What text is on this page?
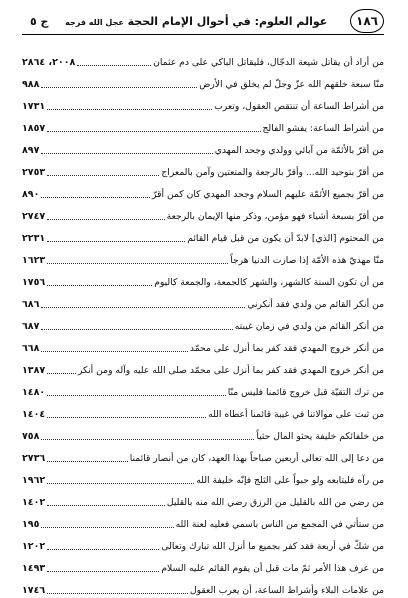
١٨٦
عوالم العلوم: في أحوال الإمام الحجة عجل الله فرجه
ج ٥
من أراد أن يقاتل شيعة الدجّال، فليقاتل الباكي على دم عثمان
٢٠٠٨، ٢٨٦٤
منّا سبعة خلقهم الله عزّ وجلّ لم يخلق في الأرض
٩٨٨
من أشراط الساعة أن تنتقص العقول، وتعرب
١٧٣١
من أشراط الساعة: يفشو الفالج
١٨٥٧
من أقرّ بالأئمّة من آبائي وولدي وجحد المهدي
٨٩٧
من أقرّ بتوحيد الله... وأقرّ بالرجعة والمتعتين وآمن بالمعراج
٢٧٥٣
من أقرّ بجميع الأئمّة عليهم السلام وجحد المهدي كان كمن أقرّ
٨٩٠
من أقرّ بسبعة أشياء فهو مؤمن، وذكر منها الإيمان بالرجعة
٢٧٤٧
من المحتوم [الذي] لابدّ أن يكون من قبل قيام القائم
٢٢٣١
منّا مهديّ هذه الأمّة إذا صارت الدنيا هرجاً
١٦٢٣
من أن تكون السنة كالشهر، والشهر كالجمعة، والجمعة كاليوم
١٧٥٦
من أنكر القائم من ولدي فقد أنكرني
٦٨٦
من أنكر القائم من ولدي في زمان غيبته
٦٨٧
من أنكر خروج المهدي فقد كفر بما أنزل على محمّد
٦٦٨
من أنكر خروج المهدي فقد كفر بما أنزل على محمّد صلى الله عليه وآله ومن أنكر
١٣٨٧
من ترك التقيّة قبل خروج قائمنا فليس منّا
١٤٨٠
من ثبت على موالاتنا في غيبة قائمنا أعطاه الله
١٤٠٤
من خلفائكم خليفة يحثو المال حثياً
٧٥٨
من دعا إلى الله تعالى أربعين صباحاً بهذا العهد، كان من أنصار قائمنا
٢٧٣٦
من رآه فليتابعه ولو حبواً على الثلج فإنّه خليفة الله
١٩٦٢
من رضي من الله بالقليل من الرزق رضي الله منه بالقليل
١٤٠٢
من ستأتي في المجمع من الناس باسمي فعليه لعنة الله
١٩٥
من شكّ في أربعة فقد كفر بجميع ما أنزل الله تبارك وتعالى
١٢٠٢
من عرف هذا الأمر ثمّ مات قبل أن يقوم القائم عليه السلام
١٤٩٣
من علامات البلاء وأشراط الساعة، أن يعرب العقول
١٧٤٦
